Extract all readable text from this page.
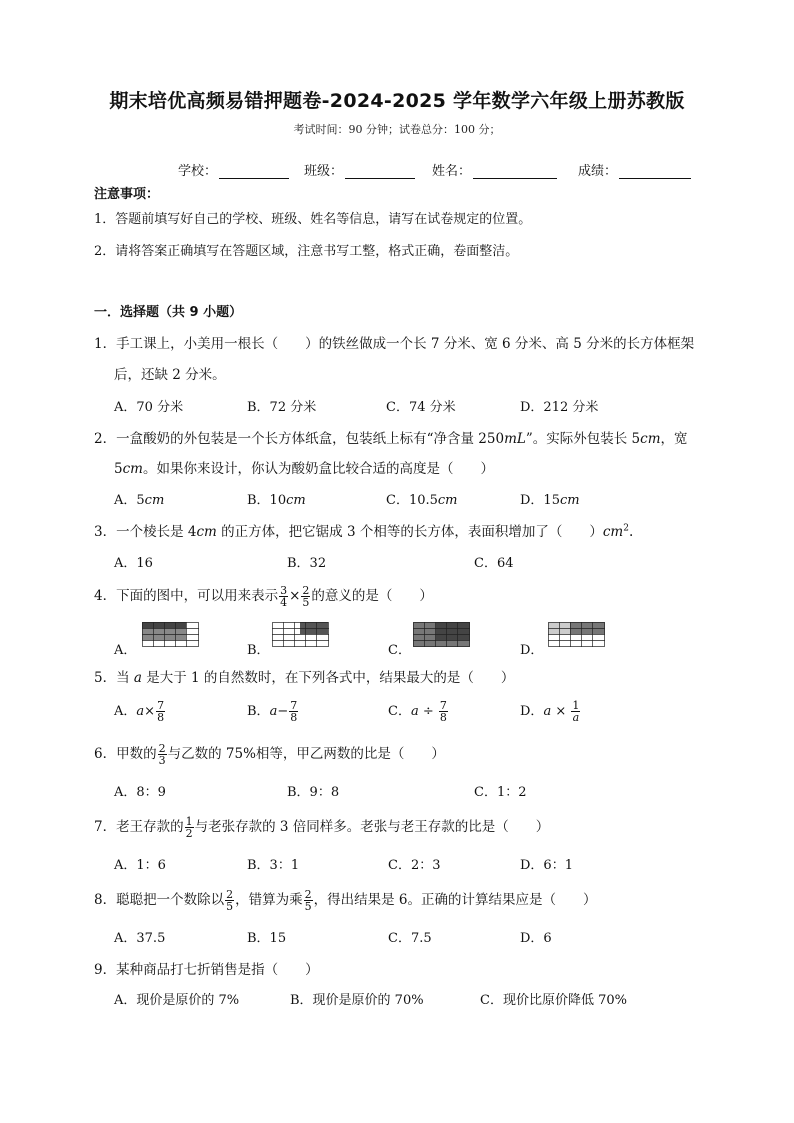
期末培优高频易错押题卷-2024-2025 学年数学六年级上册苏教版
考试时间：90 分钟；试卷总分：100 分；
学校：	班级：	姓名：	成绩：
注意事项：
1．答题前填写好自己的学校、班级、姓名等信息，请写在试卷规定的位置。
2．请将答案正确填写在答题区域，注意书写工整，格式正确，卷面整洁。
一．选择题（共 9 小题）
1．手工课上，小美用一根长（　　）的铁丝做成一个长 7 分米、宽 6 分米、高 5 分米的长方体框架
后，还缺 2 分米。
A．70 分米	B．72 分米	C．74 分米	D．212 分米
2．一盒酸奶的外包装是一个长方体纸盒，包装纸上标有“净含量 250mL”。实际外包装长 5cm，宽
5cm。如果你来设计，你认为酸奶盒比较合适的高度是（　　）
A．5cm	B．10cm	C．10.5cm	D．15cm
3．一个棱长是 4cm 的正方体，把它锯成 3 个相等的长方体，表面积增加了（　　）$cm^2$.
A．16	B．32	C．64
4．下面的图中，可以用来表示 $\frac{3}{4} \times \frac{2}{5}$ 的意义的是（　　）
A．	B．	C．	D．
5．当 a 是大于 1 的自然数时，在下列各式中，结果最大的是（　　）
A．$a\times \frac{7}{8}$	B．$a- \frac{7}{8}$	C．$a \div \frac{7}{8}$	D．$a \times \frac{1}{a}$
6．甲数的 $\frac{2}{3}$ 与乙数的 75%相等，甲乙两数的比是（　　）
A．8：9	B．9：8	C．1：2
7．老王存款的 $\frac{1}{2}$ 与老张存款的 3 倍同样多。老张与老王存款的比是（　　）
A．1：6	B．3：1	C．2：3	D．6：1
8．聪聪把一个数除以 $\frac{2}{5}$ ，错算为乘 $\frac{2}{5}$ ，得出结果是 6。正确的计算结果应是（　　）
A．37.5	B．15	C．7.5	D．6
9．某种商品打七折销售是指（　　）
A．现价是原价的 7%	B．现价是原价的 70%	C．现价比原价降低 70%
